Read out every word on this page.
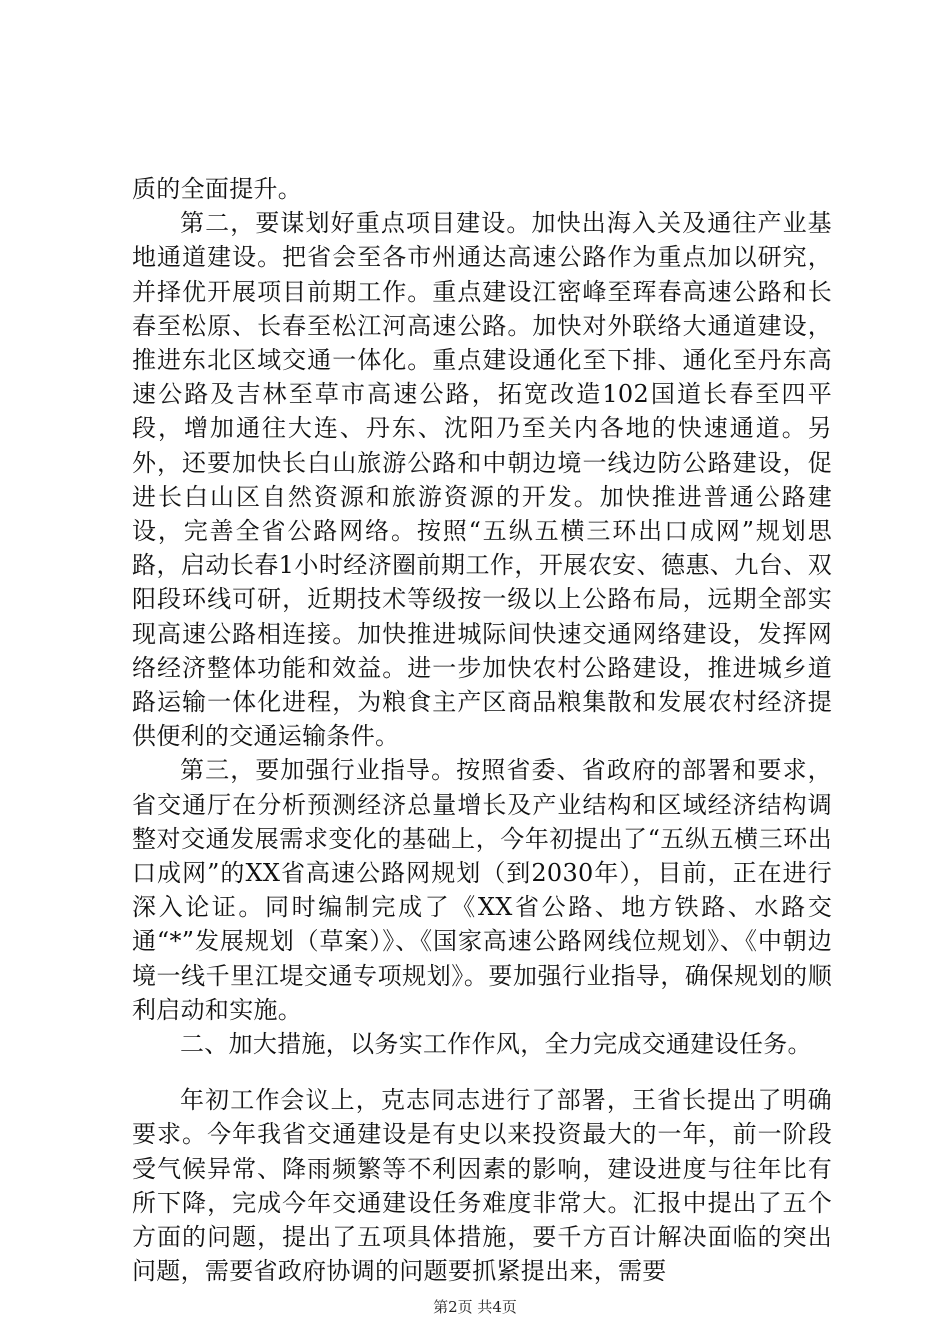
质的全面提升。

第二，要谋划好重点项目建设。加快出海入关及通往产业基地通道建设。把省会至各市州通达高速公路作为重点加以研究，并择优开展项目前期工作。重点建设江密峰至珲春高速公路和长春至松原、长春至松江河高速公路。加快对外联络大通道建设，推进东北区域交通一体化。重点建设通化至下排、通化至丹东高速公路及吉林至草市高速公路，拓宽改造102国道长春至四平段，增加通往大连、丹东、沈阳乃至关内各地的快速通道。另外，还要加快长白山旅游公路和中朝边境一线边防公路建设，促进长白山区自然资源和旅游资源的开发。加快推进普通公路建设，完善全省公路网络。按照“五纵五横三环出口成网”规划思路，启动长春1小时经济圈前期工作，开展农安、德惠、九台、双阳段环线可研，近期技术等级按一级以上公路布局，远期全部实现高速公路相连接。加快推进城际间快速交通网络建设，发挥网络经济整体功能和效益。进一步加快农村公路建设，推进城乡道路运输一体化进程，为粮食主产区商品粮集散和发展农村经济提供便利的交通运输条件。

第三，要加强行业指导。按照省委、省政府的部署和要求，省交通厅在分析预测经济总量增长及产业结构和区域经济结构调整对交通发展需求变化的基础上，今年初提出了“五纵五横三环出口成网”的XX省高速公路网规划（到2030年），目前，正在进行深入论证。同时编制完成了《XX省公路、地方铁路、水路交通“*”发展规划（草案）》、《国家高速公路网线位规划》、《中朝边境一线千里江堤交通专项规划》。要加强行业指导，确保规划的顺利启动和实施。

二、加大措施，以务实工作作风，全力完成交通建设任务。

年初工作会议上，克志同志进行了部署，王省长提出了明确要求。今年我省交通建设是有史以来投资最大的一年，前一阶段受气候异常、降雨频繁等不利因素的影响，建设进度与往年比有所下降，完成今年交通建设任务难度非常大。汇报中提出了五个方面的问题，提出了五项具体措施，要千方百计解决面临的突出问题，需要省政府协调的问题要抓紧提出来，需要

第2页 共4页
